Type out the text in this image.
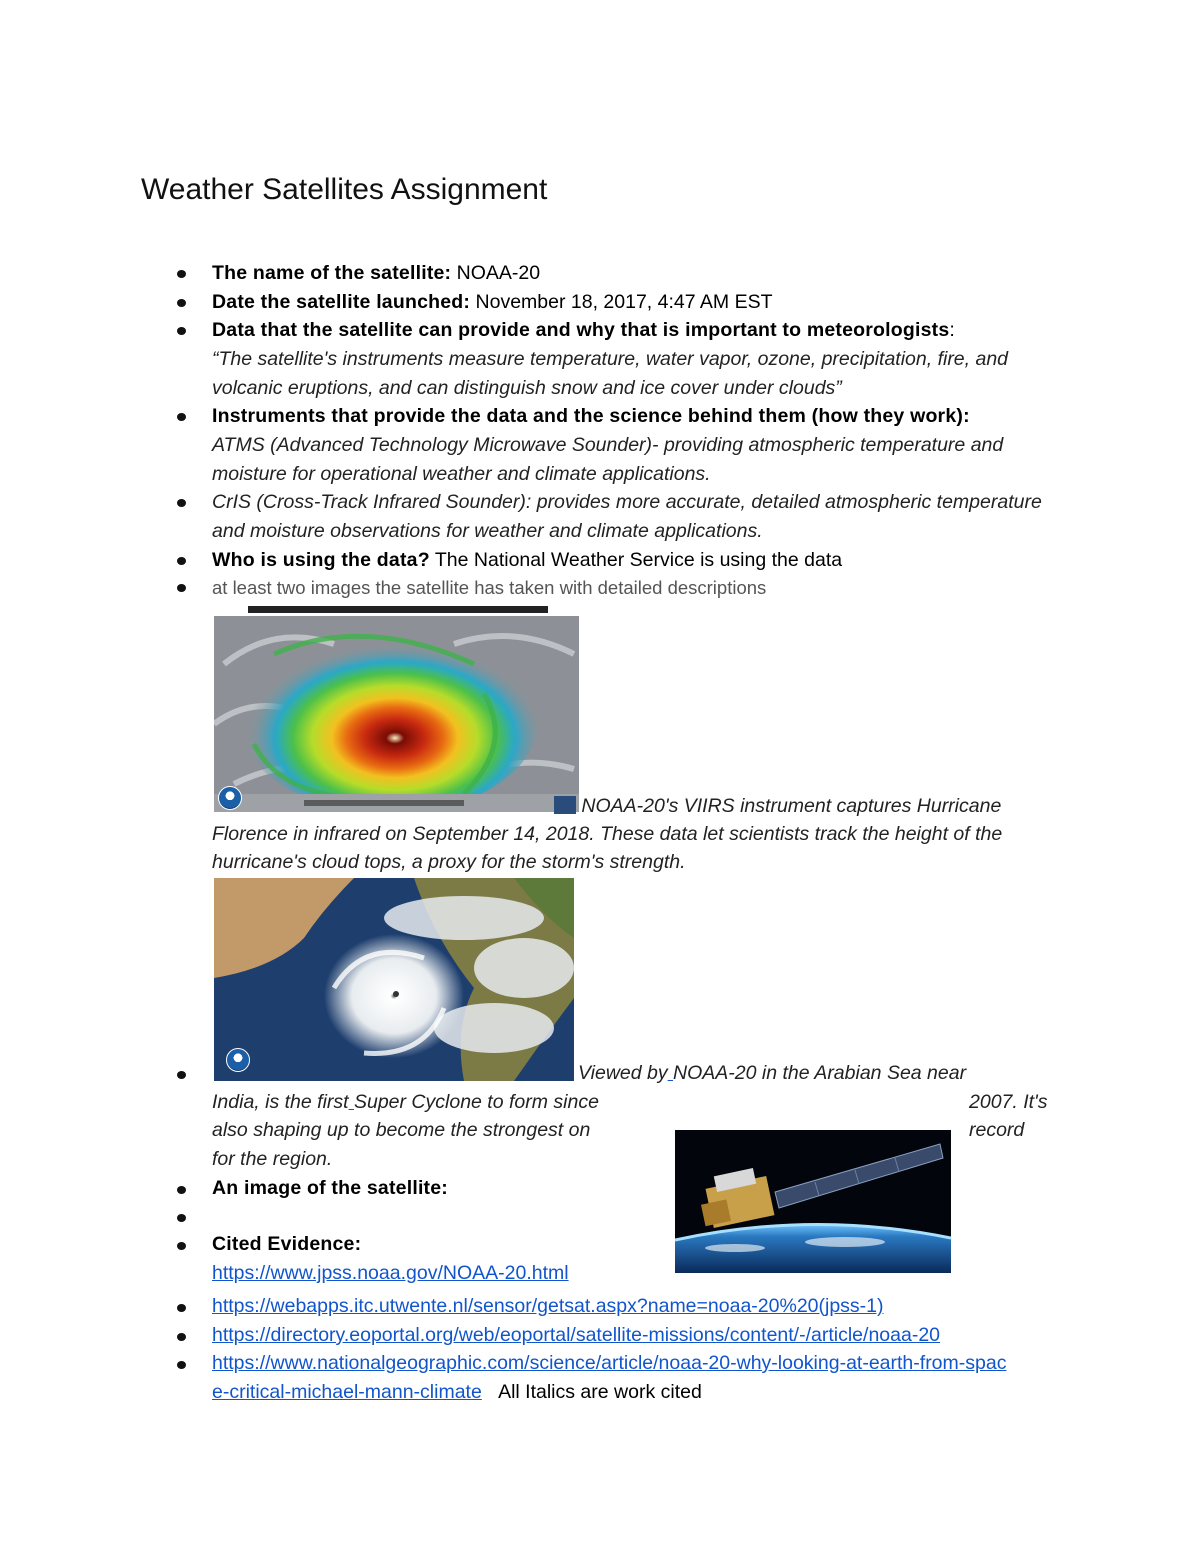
Weather Satellites Assignment
The name of the satellite: NOAA-20
Date the satellite launched: November 18, 2017, 4:47 AM EST
Data that the satellite can provide and why that is important to meteorologists:
“The satellite's instruments measure temperature, water vapor, ozone, precipitation, fire, and volcanic eruptions, and can distinguish snow and ice cover under clouds”
Instruments that provide the data and the science behind them (how they work):
ATMS (Advanced Technology Microwave Sounder)- providing atmospheric temperature and moisture for operational weather and climate applications.
CrIS (Cross-Track Infrared Sounder): provides more accurate, detailed atmospheric temperature and moisture observations for weather and climate applications.
Who is using the data? The National Weather Service is using the data
at least two images the satellite has taken with detailed descriptions
NOAA-20's VIIRS instrument captures Hurricane
Florence in infrared on September 14, 2018. These data let scientists track the height of the
hurricane's cloud tops, a proxy for the storm's strength.
Viewed by NOAA-20 in the Arabian Sea near
India, is the first Super Cyclone to form since	2007. It's
also shaping up to become the strongest on	record
for the region.
An image of the satellite:
Cited Evidence:
https://www.jpss.noaa.gov/NOAA-20.html
https://webapps.itc.utwente.nl/sensor/getsat.aspx?name=noaa-20%20(jpss-1)
https://directory.eoportal.org/web/eoportal/satellite-missions/content/-/article/noaa-20
https://www.nationalgeographic.com/science/article/noaa-20-why-looking-at-earth-from-spac
e-critical-michael-mann-climate All Italics are work cited
